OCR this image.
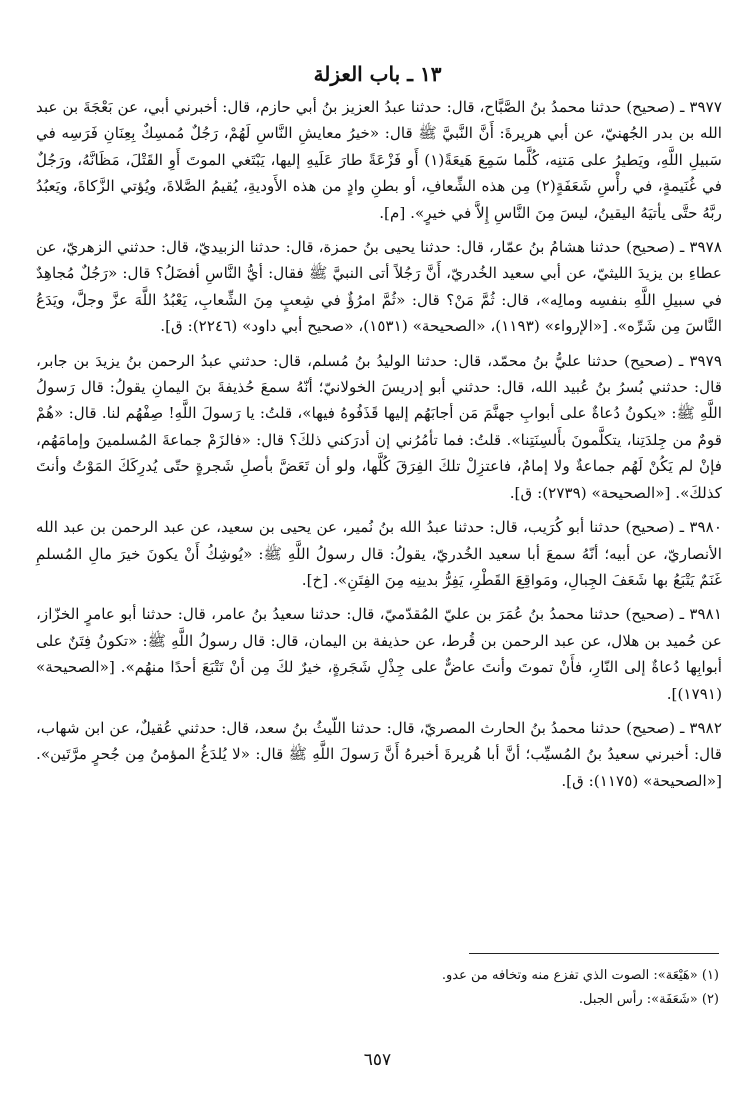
١٣ ـ باب العزلة

٣٩٧٧ ـ (صحيح) حدثنا محمدُ بنُ الصَّبَّاح، قال: حدثنا عبدُ العزيز بنُ أبي حازم، قال: أخبرني أبي، عن بَعْجَةَ بن عبد الله بن بدر الجُهنيّ، عن أبي هريرةَ: أَنَّ النَّبيَّ ﷺ قال: «خيرُ معايشِ النَّاسِ لَهُمْ، رَجُلٌ مُمسِكٌ بِعِنَانِ فَرَسِه في سَبيلِ اللَّهِ، ويَطيرُ على مَتنِه، كُلَّما سَمِعَ هَيعَةً(١) أَو فَزْعَةً طارَ عَلَيهِ إليها، يَبْتَغي الموتَ أَوِ القَتْلَ، مَظَانَّهُ، ورَجُلٌ في غُنَيمةٍ، في رأْسِ شَعَفَةٍ(٢) مِن هذه الشِّعافِ، أو بطنِ وادٍ من هذه الأَوديةِ، يُقيمُ الصَّلاةَ، ويُؤتي الزَّكاةَ، ويَعبُدُ ربَّهُ حتَّى يأتيَهُ اليقينُ، ليسَ مِنَ النَّاسِ إِلاَّ في خيرٍ». [م].

٣٩٧٨ ـ (صحيح) حدثنا هشامُ بنُ عمّار، قال: حدثنا يحيى بنُ حمزة، قال: حدثنا الزبيديّ، قال: حدثني الزهريّ، عن عطاءِ بن يزيدَ الليثيّ، عن أبي سعيد الخُدريّ، أَنَّ رَجُلاً أتى النبيَّ ﷺ فقال: أيُّ النَّاسِ أفضَلُ؟ قال: «رَجُلٌ مُجاهِدٌ في سبيلِ اللَّهِ بنفسِه ومالِه»، قال: ثُمَّ مَنْ؟ قال: «ثُمَّ امرُؤٌ في شِعبٍ مِنَ الشِّعابِ، يَعْبُدُ اللَّهَ عزَّ وجلَّ، ويَدَعُ النَّاسَ مِن شَرِّه». [«الإرواء» (١١٩٣)، «الصحيحة» (١٥٣١)، «صحيح أبي داود» (٢٢٤٦): ق].

٣٩٧٩ ـ (صحيح) حدثنا عليُّ بنُ محمّد، قال: حدثنا الوليدُ بنُ مُسلم، قال: حدثني عبدُ الرحمن بنُ يزيدَ بن جابر، قال: حدثني بُسرُ بنُ عُبيد الله، قال: حدثني أبو إدريسَ الخولانيّ؛ أنّهُ سمعَ حُذيفةَ بنَ اليمانِ يقولُ: قال رَسولُ اللَّهِ ﷺ: «يكونُ دُعاةٌ على أبوابِ جهنَّمَ مَن أجابَهُم إليها قَذَفُوهُ فيها»، قلتُ: يا رَسولَ اللَّهِ! صِفْهُم لنا. قال: «هُمْ قومٌ من جِلدَتِنا، يتكلَّمونَ بأَلسِنَتِنا». قلتُ: فما تأمُرُني إن أدرَكني ذلكَ؟ قال: «فالزَمْ جماعةَ المُسلمينَ وإمامَهُم، فإنْ لم يَكُنْ لَهُم جماعةٌ ولا إمامٌ، فاعتزِلْ تلكَ الفِرَقَ كُلَّها، ولو أن تَعَضَّ بأصلِ شَجرةٍ حتّى يُدرِكَكَ المَوْتُ وأنتَ كذلكَ». [«الصحيحة» (٢٧٣٩): ق].

٣٩٨٠ ـ (صحيح) حدثنا أبو كُرَيب، قال: حدثنا عبدُ الله بنُ نُمير، عن يحيى بن سعيد، عن عبد الرحمن بن عبد الله الأنصاريّ، عن أبيه؛ أنّهُ سمعَ أبا سعيد الخُدريّ، يقولُ: قال رسولُ اللَّهِ ﷺ: «يُوشِكُ أَنْ يكونَ خيرَ مالِ المُسلمِ غَنَمٌ يَتْبَعُ بها شَعَفَ الجِبالِ، ومَواقِعَ القَطْرِ، يَفِرُّ بدينِه مِنَ الفِتَنِ». [خ].

٣٩٨١ ـ (صحيح) حدثنا محمدُ بنُ عُمَرَ بن عليّ المُقدّميّ، قال: حدثنا سعيدُ بنُ عامر، قال: حدثنا أبو عامرٍ الخزّاز، عن حُميد بن هلال، عن عبد الرحمن بن قُرط، عن حذيفة بن اليمان، قال: قال رسولُ اللَّهِ ﷺ: «تكونُ فِتَنٌ على أبوابِها دُعاةٌ إلى النّارِ، فأَنْ تموتَ وأنتَ عاضٌّ على جِذْلِ شَجَرةٍ، خيرٌ لكَ مِن أنْ تَتْبَعَ أحدًا منهُم». [«الصحيحة» (١٧٩١)].

٣٩٨٢ ـ (صحيح) حدثنا محمدُ بنُ الحارث المصريّ، قال: حدثنا اللّيثُ بنُ سعد، قال: حدثني عُقيلٌ، عن ابن شهاب، قال: أخبرني سعيدُ بنُ المُسيِّب؛ أنَّ أبا هُريرةَ أخبرهُ أَنَّ رَسولَ اللَّهِ ﷺ قال: «لا يُلدَغُ المؤمنُ مِن جُحرٍ مرَّتَين». [«الصحيحة» (١١٧٥): ق].

(١) «هَيْعَة»: الصوت الذي تفزع منه وتخافه من عدو.
(٢) «شَعَفَة»: رأس الجبل.
٦٥٧
